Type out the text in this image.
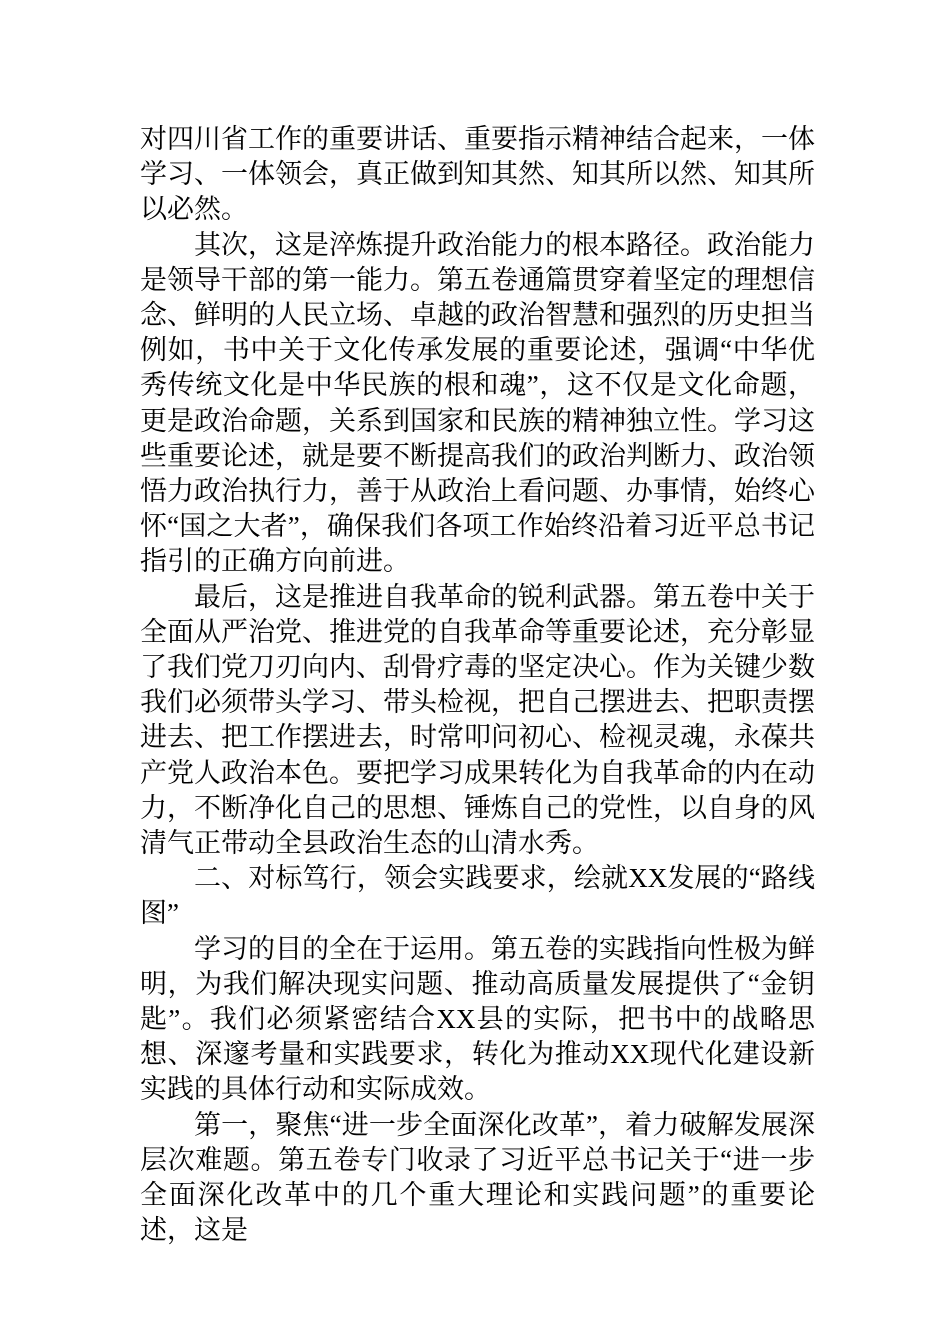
对四川省工作的重要讲话、重要指示精神结合起来，一体学习、一体领会，真正做到知其然、知其所以然、知其所以必然。

其次，这是淬炼提升政治能力的根本路径。政治能力是领导干部的第一能力。第五卷通篇贯穿着坚定的理想信念、鲜明的人民立场、卓越的政治智慧和强烈的历史担当例如，书中关于文化传承发展的重要论述，强调“中华优秀传统文化是中华民族的根和魂”，这不仅是文化命题，更是政治命题，关系到国家和民族的精神独立性。学习这些重要论述，就是要不断提高我们的政治判断力、政治领悟力政治执行力，善于从政治上看问题、办事情，始终心怀“国之大者”，确保我们各项工作始终沿着习近平总书记指引的正确方向前进。

最后，这是推进自我革命的锐利武器。第五卷中关于全面从严治党、推进党的自我革命等重要论述，充分彰显了我们党刀刃向内、刮骨疗毒的坚定决心。作为关键少数我们必须带头学习、带头检视，把自己摆进去、把职责摆进去、把工作摆进去，时常叩问初心、检视灵魂，永葆共产党人政治本色。要把学习成果转化为自我革命的内在动力，不断净化自己的思想、锤炼自己的党性，以自身的风清气正带动全县政治生态的山清水秀。

二、对标笃行，领会实践要求，绘就XX发展的“路线图”

学习的目的全在于运用。第五卷的实践指向性极为鲜明，为我们解决现实问题、推动高质量发展提供了“金钥匙”。我们必须紧密结合XX县的实际，把书中的战略思想、深邃考量和实践要求，转化为推动XX现代化建设新实践的具体行动和实际成效。

第一，聚焦“进一步全面深化改革”，着力破解发展深层次难题。第五卷专门收录了习近平总书记关于“进一步全面深化改革中的几个重大理论和实践问题”的重要论述，这是
